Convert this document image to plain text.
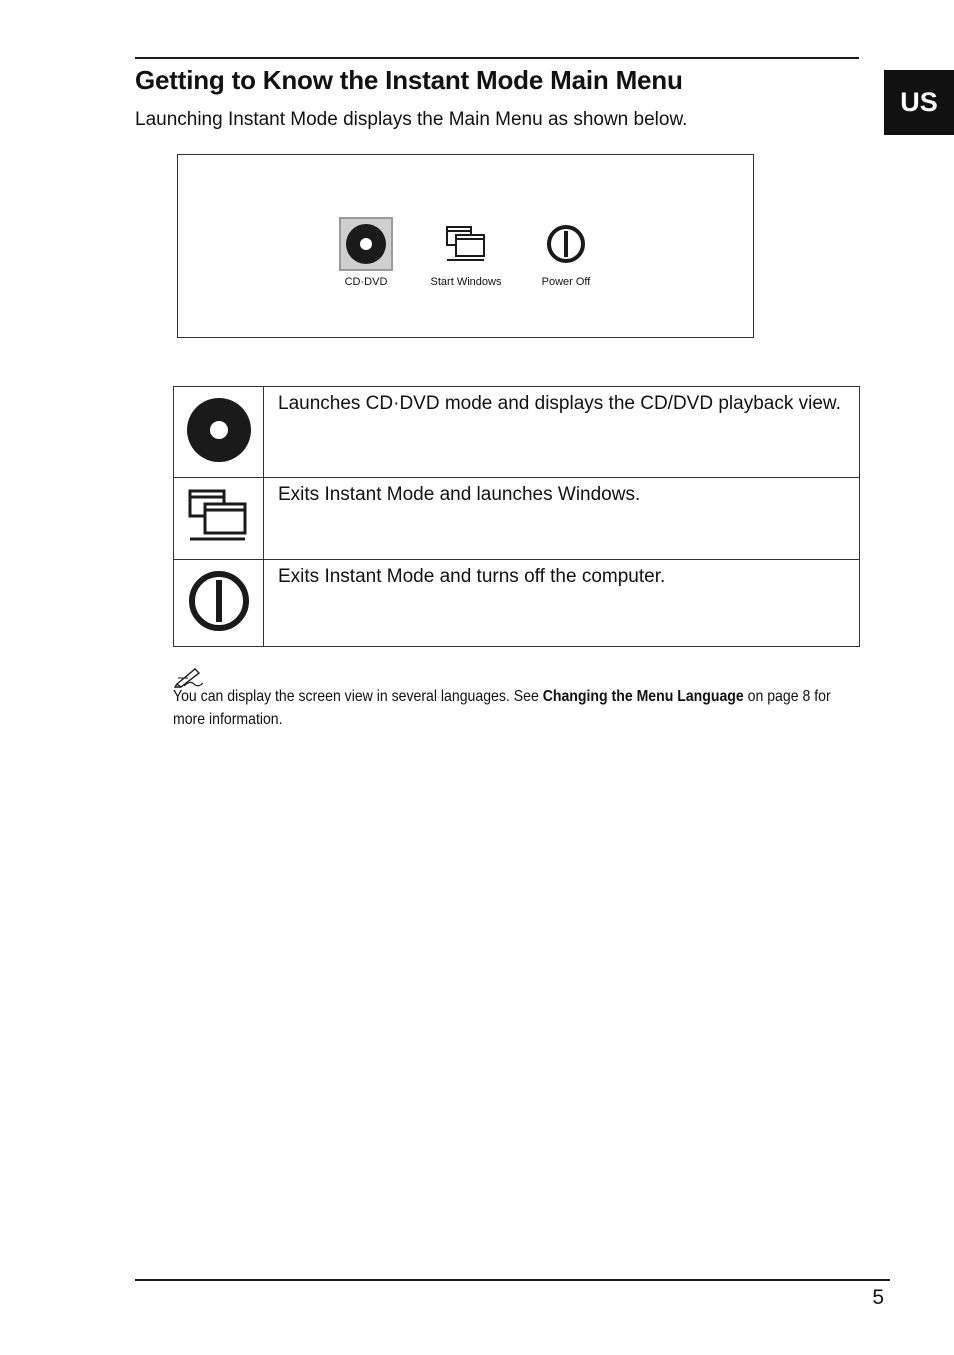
Getting to Know the Instant Mode Main Menu

Launching Instant Mode displays the Main Menu as shown below.

US
CD·DVD	Start Windows	Power Off
	Launches CD·DVD mode and displays the CD/DVD playback view.
	Exits Instant Mode and launches Windows.
	Exits Instant Mode and turns off the computer.

You can display the screen view in several languages. See Changing the Menu Language on page 8 for more information.

5
